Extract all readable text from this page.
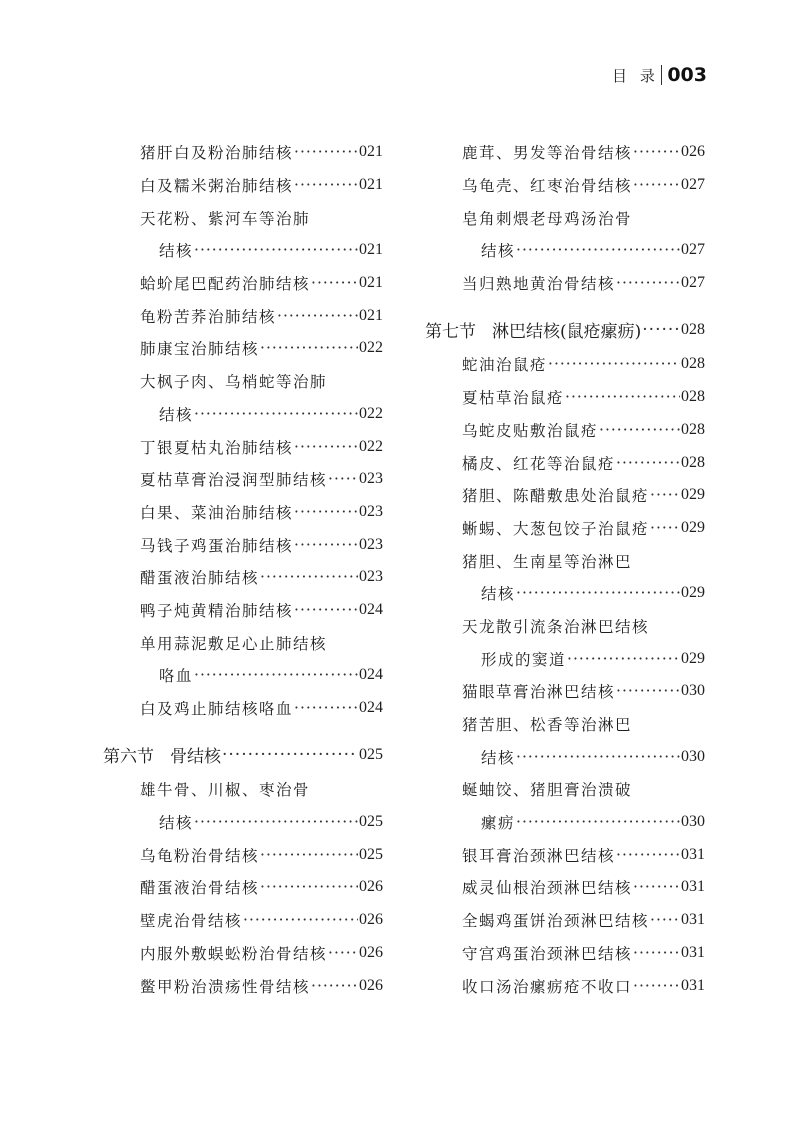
目 录 003
猪肝白及粉治肺结核 ·····	021
白及糯米粥治肺结核 ·····	021
天花粉、紫河车等治肺
结核 ·····	021
蛤蚧尾巴配药治肺结核 ·····	021
龟粉苦荞治肺结核 ·····	021
肺康宝治肺结核 ·····	022
大枫子肉、乌梢蛇等治肺
结核 ·····	022
丁银夏枯丸治肺结核 ·····	022
夏枯草膏治浸润型肺结核 ····· 023
白果、菜油治肺结核 ·····	023
马钱子鸡蛋治肺结核 ·····	023
醋蛋液治肺结核 ·····	023
鸭子炖黄精治肺结核 ·····	024
单用蒜泥敷足心止肺结核
咯血 ·····	024
白及鸡止肺结核咯血 ·····	024
第六节 骨结核 ·····	025
雄牛骨、川椒、枣治骨
结核 ·····	025
乌龟粉治骨结核 ·····	025
醋蛋液治骨结核 ·····	026
壁虎治骨结核 ·····	026
内服外敷蜈蚣粉治骨结核 ····· 026
鳖甲粉治溃疡性骨结核 ·····	026
鹿茸、男发等治骨结核 ·····	026
乌龟壳、红枣治骨结核 ·····	027
皂角刺煨老母鸡汤治骨
结核 ·····	027
当归熟地黄治骨结核 ·····	027
第七节 淋巴结核(鼠疮瘰疬) ····· 028
蛇油治鼠疮 ·····	028
夏枯草治鼠疮 ·····	028
乌蛇皮贴敷治鼠疮 ·····	028
橘皮、红花等治鼠疮 ·····	028
猪胆、陈醋敷患处治鼠疮 ····· 029
蜥蜴、大葱包饺子治鼠疮 ····· 029
猪胆、生南星等治淋巴
结核 ·····	029
天龙散引流条治淋巴结核
形成的窦道 ·····	029
猫眼草膏治淋巴结核 ·····	030
猪苦胆、松香等治淋巴
结核 ·····	030
蜒蚰饺、猪胆膏治溃破
瘰疬 ·····	030
银耳膏治颈淋巴结核 ·····	031
威灵仙根治颈淋巴结核 ·····	031
全蝎鸡蛋饼治颈淋巴结核 ····· 031
守宫鸡蛋治颈淋巴结核 ·····	031
收口汤治瘰疬疮不收口 ·····	031
